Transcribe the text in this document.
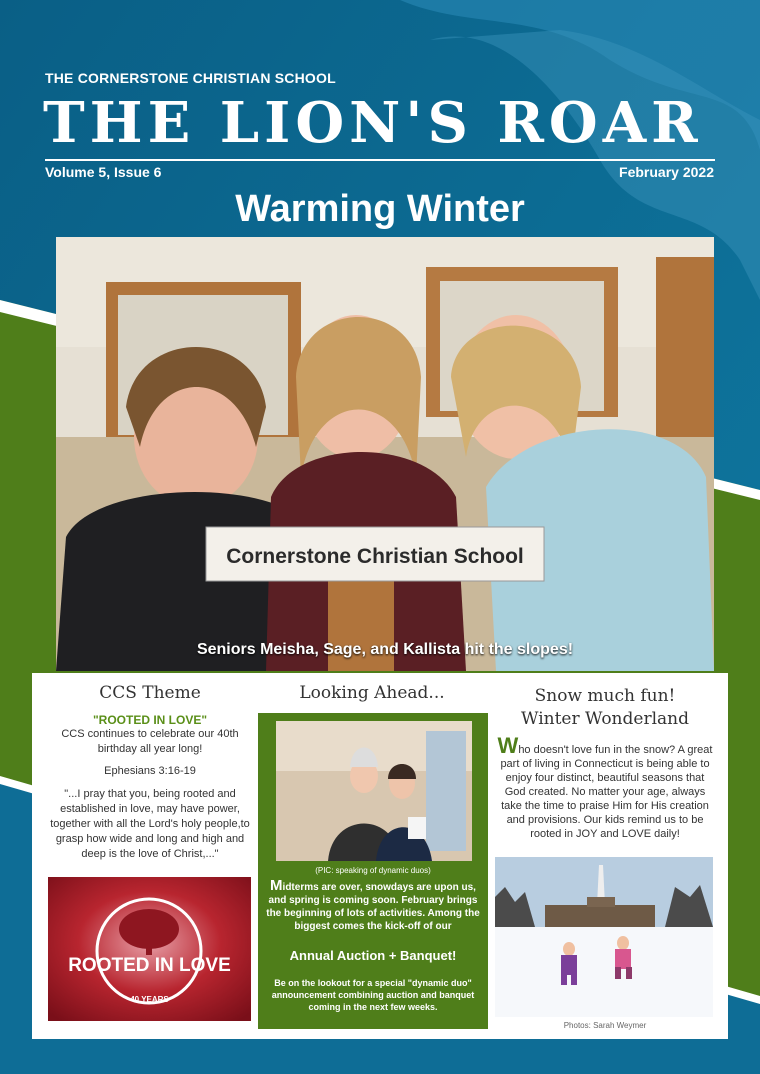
THE CORNERSTONE CHRISTIAN SCHOOL
THE LION'S ROAR
Volume 5, Issue 6	February 2022
Warming Winter
Cornerstone Christian School
Seniors Meisha, Sage, and Kallista hit the slopes!
CCS Theme
"ROOTED IN LOVE"

CCS continues to celebrate our 40th birthday all year long!

Ephesians 3:16-19

"...I pray that you, being rooted and established in love, may have power, together with all the Lord's holy people,to grasp how wide and long and high and deep is the love of Christ,..."

ROOTED IN LOVE
40 YEARS
Looking Ahead...
(PIC: speaking of dynamic duos)
Midterms are over, snowdays are upon us, and spring is coming soon. February brings the beginning of lots of activities. Among the biggest comes the kick-off of our
Annual Auction + Banquet!
Be on the lookout for a special "dynamic duo" announcement combining auction and banquet coming in the next few weeks.
Snow much fun!
Winter Wonderland
Who doesn't love fun in the snow? A great part of living in Connecticut is being able to enjoy four distinct, beautiful seasons that God created. No matter your age, always take the time to praise Him for His creation and provisions. Our kids remind us to be rooted in JOY and LOVE daily!
Photos: Sarah Weymer
